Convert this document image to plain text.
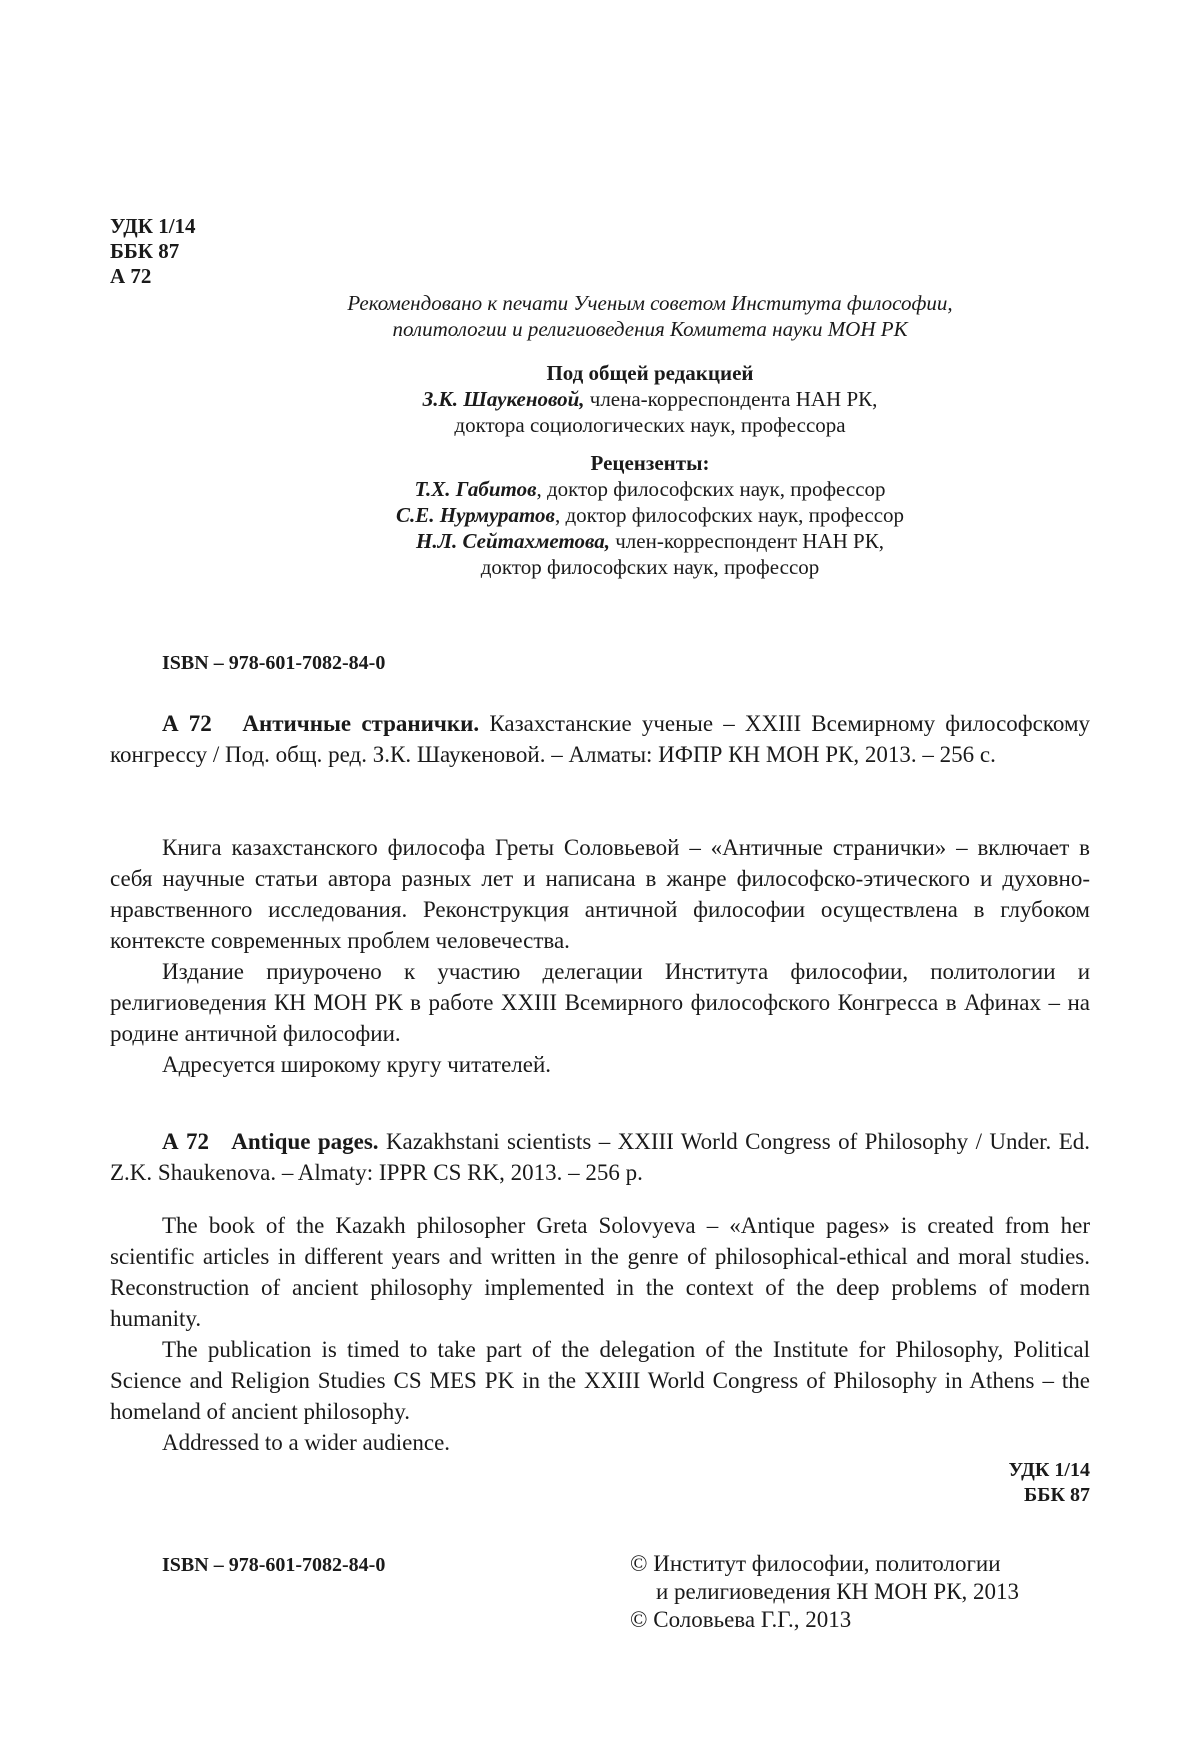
УДК 1/14
ББК 87
А 72
Рекомендовано к печати Ученым советом Института философии,
политологии и религиоведения Комитета науки МОН РК
Под общей редакцией
З.К. Шаукеновой, члена-корреспондента НАН РК,
доктора социологических наук, профессора
Рецензенты:
Т.Х. Габитов, доктор философских наук, профессор
С.Е. Нурмуратов, доктор философских наук, профессор
Н.Л. Сейтахметова, член-корреспондент НАН РК,
доктор философских наук, профессор
ISBN – 978-601-7082-84-0

А 72 Античные странички. Казахстанские ученые – XXIII Всемирному философскому конгрессу / Под. общ. ред. З.К. Шаукеновой. – Алматы: ИФПР КН МОН РК, 2013. – 256 с.

Книга казахстанского философа Греты Соловьевой – «Античные странички» – включает в себя научные статьи автора разных лет и написана в жанре философско-этического и духовно-нравственного исследования. Реконструкция античной философии осуществлена в глубоком контексте современных проблем человечества.

Издание приурочено к участию делегации Института философии, политологии и религиоведения КН МОН РК в работе XXIII Всемирного философского Конгресса в Афинах – на родине античной философии.

Адресуется широкому кругу читателей.

А 72 Antique pages. Kazakhstani scientists – XXIII World Congress of Philosophy / Under. Ed. Z.K. Shaukenova. – Almaty: IPPR CS RK, 2013. – 256 p.

The book of the Kazakh philosopher Greta Solovyeva – «Antique pages» is created from her scientific articles in different years and written in the genre of philosophical-ethical and moral studies. Reconstruction of ancient philosophy implemented in the context of the deep problems of modern humanity.

The publication is timed to take part of the delegation of the Institute for Philosophy, Political Science and Religion Studies CS MES PK in the XXIII World Congress of Philosophy in Athens – the homeland of ancient philosophy.

Addressed to a wider audience.

УДК 1/14
ББК 87
ISBN – 978-601-7082-84-0	© Институт философии, политологии
и религиоведения КН МОН РК, 2013
© Соловьева Г.Г., 2013
